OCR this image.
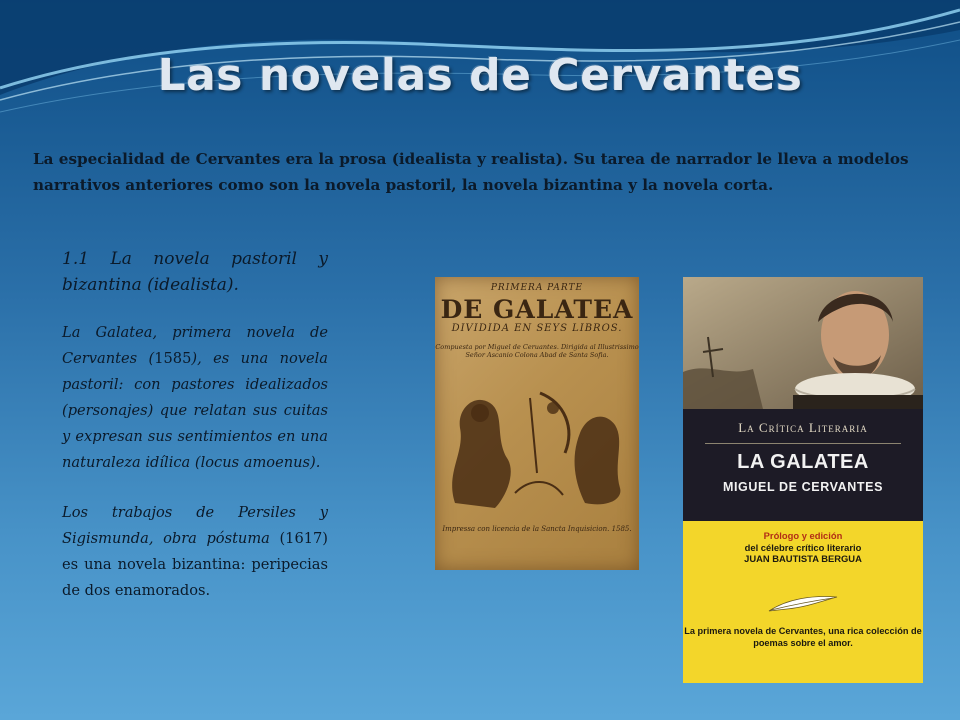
Las novelas de Cervantes
La especialidad de Cervantes era la prosa (idealista y realista). Su tarea de narrador le lleva a modelos narrativos anteriores como son la novela pastoril, la novela bizantina y la novela corta.

1.1 La novela pastoril y bizantina (idealista).

La Galatea, primera novela de Cervantes (1585), es una novela pastoril: con pastores idealizados (personajes) que relatan sus cuitas y expresan sus sentimientos en una naturaleza idílica (locus amoenus).

Los trabajos de Persiles y Sigismunda, obra póstuma (1617) es una novela bizantina: peripecias de dos enamorados.

PRIMERA PARTE
DE GALATEA
DIVIDIDA EN SEYS LIBROS.
Compuesta por Miguel de Ceruantes. Dirigida al Illustrissimo Señor Ascanio Colona Abad de Santa Sofia.
Impressa con licencia de la Sancta Inquisicion. 1585.
La Crítica Literaria
LA GALATEA
MIGUEL DE CERVANTES
Prólogo y edición
del célebre crítico literario
JUAN BAUTISTA BERGUA
La primera novela de Cervantes, una rica colección de poemas sobre el amor.
